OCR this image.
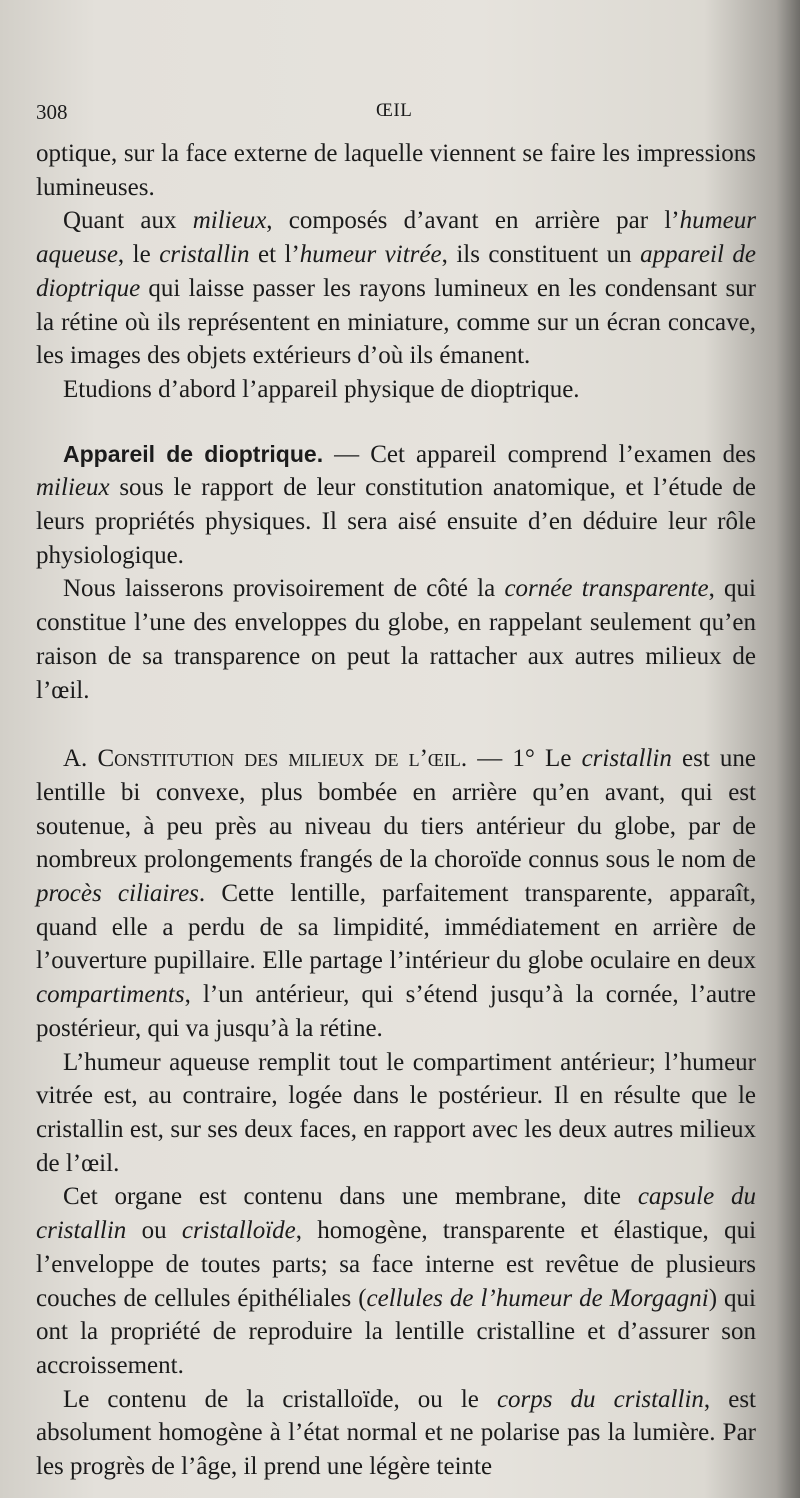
308	ŒIL

optique, sur la face externe de laquelle viennent se faire les impressions lumineuses.

Quant aux milieux, composés d’avant en arrière par l’humeur aqueuse, le cristallin et l’humeur vitrée, ils constituent un appareil de dioptrique qui laisse passer les rayons lumineux en les condensant sur la rétine où ils représentent en miniature, comme sur un écran concave, les images des objets extérieurs d’où ils émanent.

Etudions d’abord l’appareil physique de dioptrique.

Appareil de dioptrique. — Cet appareil comprend l’examen des milieux sous le rapport de leur constitution anatomique, et l’étude de leurs propriétés physiques. Il sera aisé ensuite d’en déduire leur rôle physiologique.

Nous laisserons provisoirement de côté la cornée transparente, qui constitue l’une des enveloppes du globe, en rappelant seulement qu’en raison de sa transparence on peut la rattacher aux autres milieux de l’œil.

A. Constitution des milieux de l’œil. — 1° Le cristallin est une lentille bi convexe, plus bombée en arrière qu’en avant, qui est soutenue, à peu près au niveau du tiers antérieur du globe, par de nombreux prolongements frangés de la choroïde connus sous le nom de procès ciliaires. Cette lentille, parfaitement transparente, apparaît, quand elle a perdu de sa limpidité, immédiatement en arrière de l’ouverture pupillaire. Elle partage l’intérieur du globe oculaire en deux compartiments, l’un antérieur, qui s’étend jusqu’à la cornée, l’autre postérieur, qui va jusqu’à la rétine.

L’humeur aqueuse remplit tout le compartiment antérieur; l’humeur vitrée est, au contraire, logée dans le postérieur. Il en résulte que le cristallin est, sur ses deux faces, en rapport avec les deux autres milieux de l’œil.

Cet organe est contenu dans une membrane, dite capsule du cristallin ou cristalloïde, homogène, transparente et élastique, qui l’enveloppe de toutes parts; sa face interne est revêtue de plusieurs couches de cellules épithéliales (cellules de l’humeur de Morgagni) qui ont la propriété de reproduire la lentille cristalline et d’assurer son accroissement.

Le contenu de la cristalloïde, ou le corps du cristallin, est absolument homogène à l’état normal et ne polarise pas la lumière. Par les progrès de l’âge, il prend une légère teinte
